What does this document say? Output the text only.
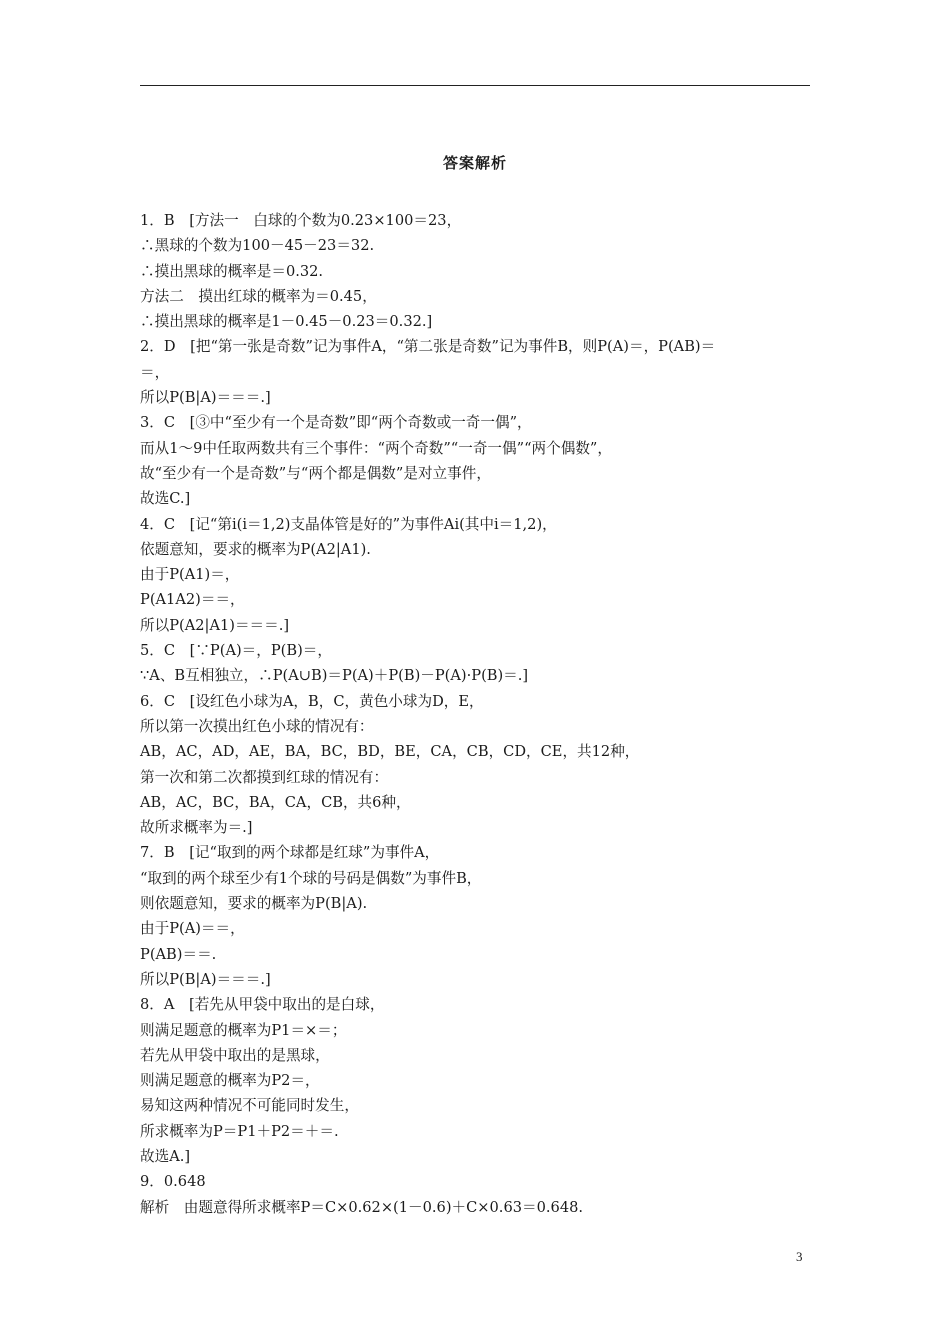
答案解析
1．B　[方法一　白球的个数为0.23×100＝23，
∴黑球的个数为100－45－23＝32.
∴摸出黑球的概率是＝0.32.
方法二　摸出红球的概率为＝0.45，
∴摸出黑球的概率是1－0.45－0.23＝0.32.]
2．D　[把“第一张是奇数”记为事件A，“第二张是奇数”记为事件B，则P(A)＝，P(AB)＝
＝，
所以P(B|A)＝＝＝.]
3．C　[③中“至少有一个是奇数”即“两个奇数或一奇一偶”，
而从1～9中任取两数共有三个事件：“两个奇数”“一奇一偶”“两个偶数”，
故“至少有一个是奇数”与“两个都是偶数”是对立事件，
故选C.]
4．C　[记“第i(i＝1,2)支晶体管是好的”为事件Ai(其中i＝1,2)，
依题意知，要求的概率为P(A2|A1).
由于P(A1)＝，
P(A1A2)＝＝，
所以P(A2|A1)＝＝＝.]
5．C　[∵P(A)＝，P(B)＝，
∵A、B互相独立，∴P(A∪B)＝P(A)＋P(B)－P(A)·P(B)＝.]
6．C　[设红色小球为A，B，C，黄色小球为D，E，
所以第一次摸出红色小球的情况有：
AB，AC，AD，AE，BA，BC，BD，BE，CA，CB，CD，CE，共12种，
第一次和第二次都摸到红球的情况有：
AB，AC，BC，BA，CA，CB，共6种，
故所求概率为＝.]
7．B　[记“取到的两个球都是红球”为事件A，
“取到的两个球至少有1个球的号码是偶数”为事件B，
则依题意知，要求的概率为P(B|A).
由于P(A)＝＝，
P(AB)＝＝.
所以P(B|A)＝＝＝.]
8．A　[若先从甲袋中取出的是白球，
则满足题意的概率为P1＝×＝；
若先从甲袋中取出的是黑球，
则满足题意的概率为P2＝，
易知这两种情况不可能同时发生，
所求概率为P＝P1＋P2＝＋＝.
故选A.]
9．0.648
解析　由题意得所求概率P＝C×0.62×(1－0.6)＋C×0.63＝0.648.
3
